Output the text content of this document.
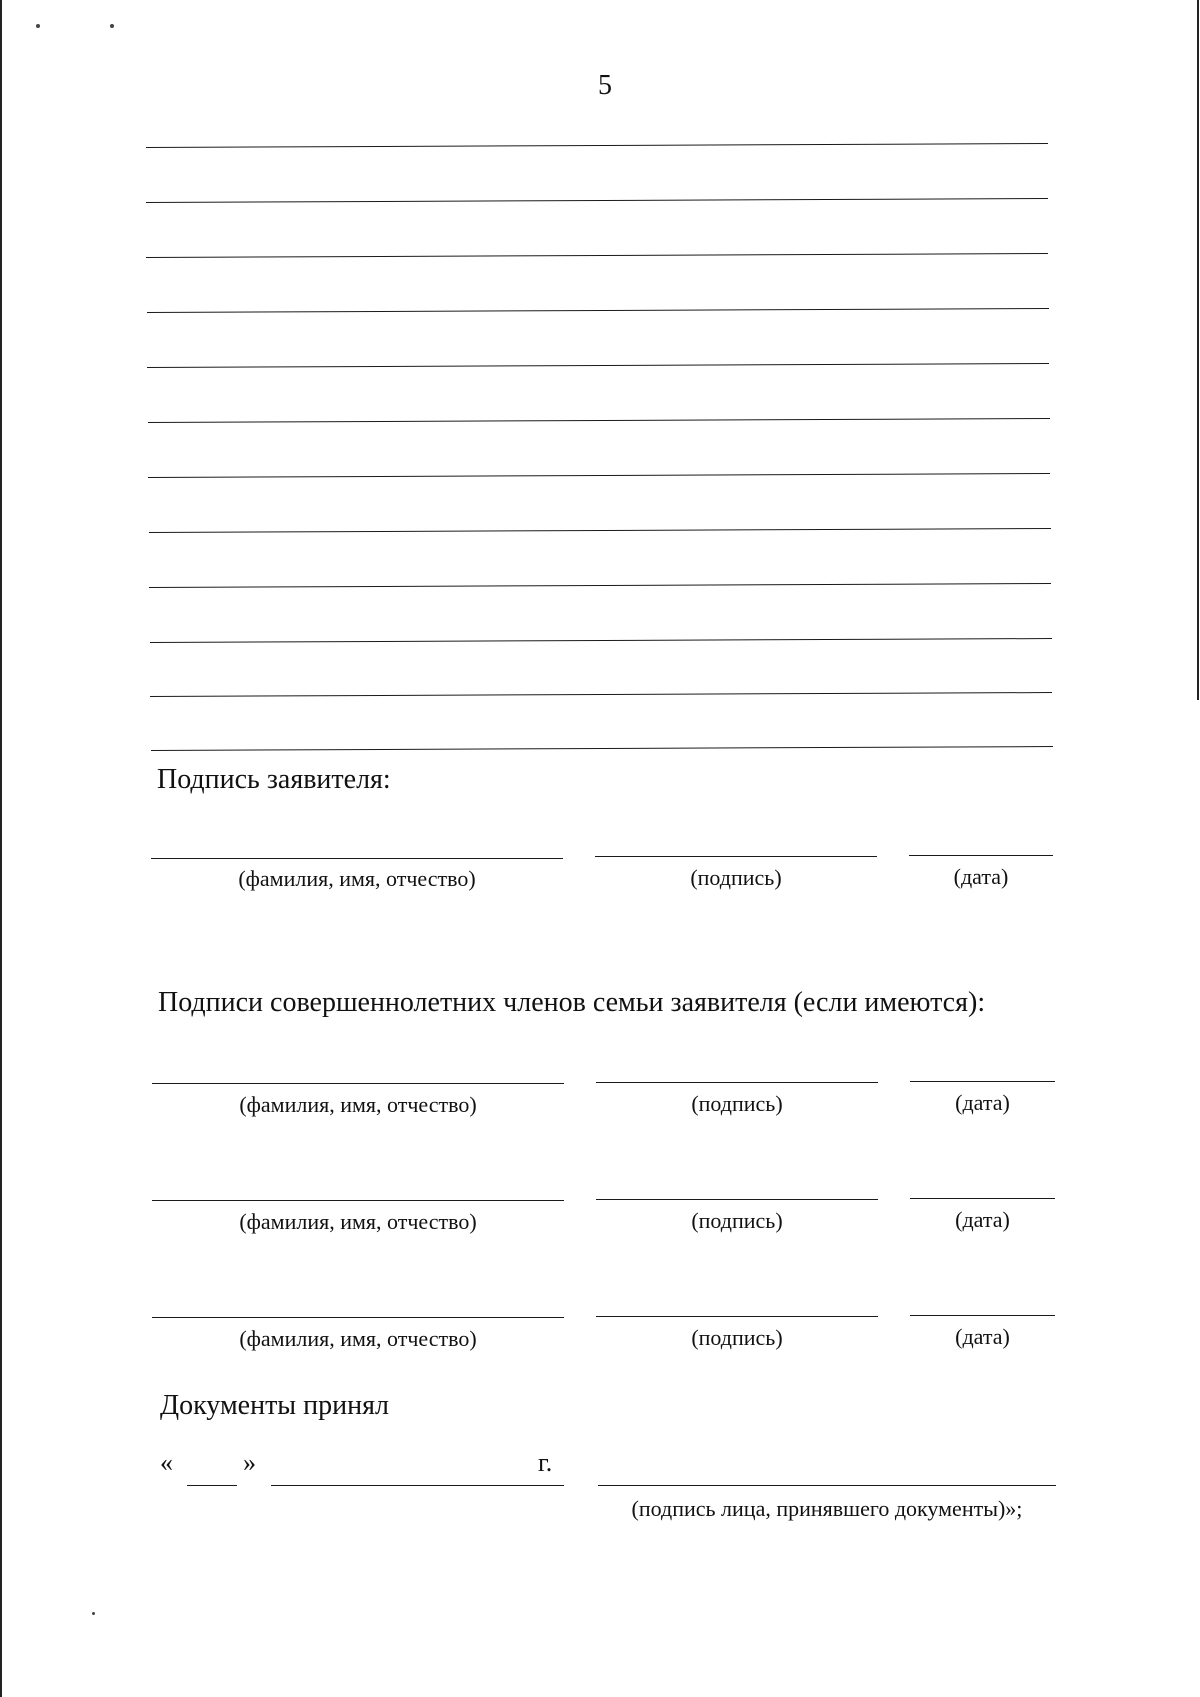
5
Подпись заявителя:
(фамилия, имя, отчество)	(подпись)	(дата)
Подписи совершеннолетних членов семьи заявителя (если имеются):
(фамилия, имя, отчество)	(подпись)	(дата)
(фамилия, имя, отчество)	(подпись)	(дата)
(фамилия, имя, отчество)	(подпись)	(дата)
Документы принял
«	»	г.
(подпись лица, принявшего документы)»;
